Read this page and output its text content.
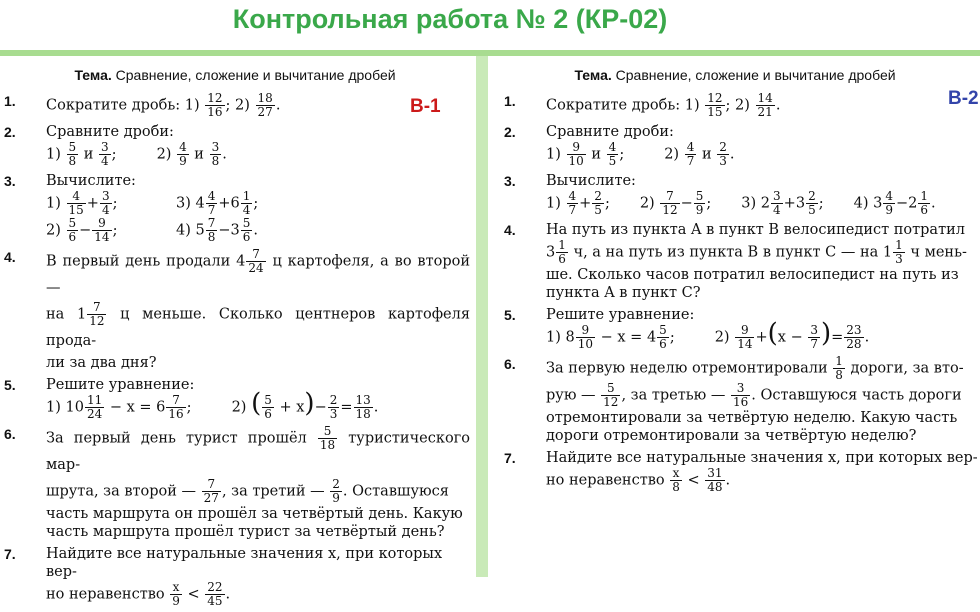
Контрольная работа № 2 (КР-02)
Тема. Сравнение, сложение и вычитание дробей
В-1
1. Сократите дробь: $1) \frac{12}{16}$ ; $2) \frac{18}{27}$ .
2. Сравните дроби:
$1) \frac{5}{8}$ и $\frac{3}{4}$ ;	$2) \frac{4}{9}$ и $\frac{3}{8}$ .
3. Вычислите:
$1) \frac{4}{15} + \frac{3}{4}$ ;	3) $4 \frac{4}{7} +6 \frac{1}{4}$ ;
$2) \frac{5}{6} - \frac{9}{14}$ ;	4) $5 \frac{7}{8} -3 \frac{5}{6}$ .
4. В первый день продали $4 \frac{7}{24}$ ц картофеля, а во второй —
на $1 \frac{7}{12}$ ц меньше. Сколько центнеров картофеля прода-
ли за два дня?
5. Решите уравнение:
1) $10 \frac{11}{24} - x = 6 \frac{7}{16}$ ;	2) ( $\frac{5}{6} + x)- \frac{2}{3} = \frac{13}{18}$ .
6. За первый день турист прошёл $\frac{5}{18}$ туристического мар-
шрута, за второй — $\frac{7}{27}$ , за третий — $\frac{2}{9}$ . Оставшуюся
часть маршрута он прошёл за четвёртый день. Какую
часть маршрута прошёл турист за четвёртый день?
7. Найдите все натуральные значения x, при которых вер-
но неравенство $\frac{x}{9} < \frac{22}{45}$ .
Тема. Сравнение, сложение и вычитание дробей
В-2
1. Сократите дробь: $1) \frac{12}{15}$ ; $2) \frac{14}{21}$ .
2. Сравните дроби:
$1) \frac{9}{10}$ и $\frac{4}{5}$ ;	$2) \frac{4}{7}$ и $\frac{2}{3}$ .
3. Вычислите:
$1) \frac{4}{7} + \frac{2}{5}$ ; $2) \frac{7}{12} - \frac{5}{9}$ ; 3) $2 \frac{3}{4} +3 \frac{2}{5}$ ; 4) $3 \frac{4}{9} -2 \frac{1}{6}$ .
4. На путь из пункта A в пункт B велосипедист потратил
$3 \frac{1}{6} ч$, а на путь из пункта B в пункт C — на $1 \frac{1}{3}$ ч мень-
ше. Сколько часов потратил велосипедист на путь из
пункта A в пункт C?
5. Решите уравнение:
1) $8 \frac{9}{10} - x = 4 \frac{5}{6}$ ;	$2) \frac{9}{14} +(x - \frac{3}{7}$ )= $\frac{23}{28}$ .
6. За первую неделю отремонтировали $\frac{1}{8}$ дороги, за вто-
рую — $\frac{5}{12}$ , за третью — $\frac{3}{16}$ . Оставшуюся часть дороги
отремонтировали за четвёртую неделю. Какую часть
дороги отремонтировали за четвёртую неделю?
7. Найдите все натуральные значения x, при которых вер-
но неравенство $\frac{x}{8} < \frac{31}{48}$ .
